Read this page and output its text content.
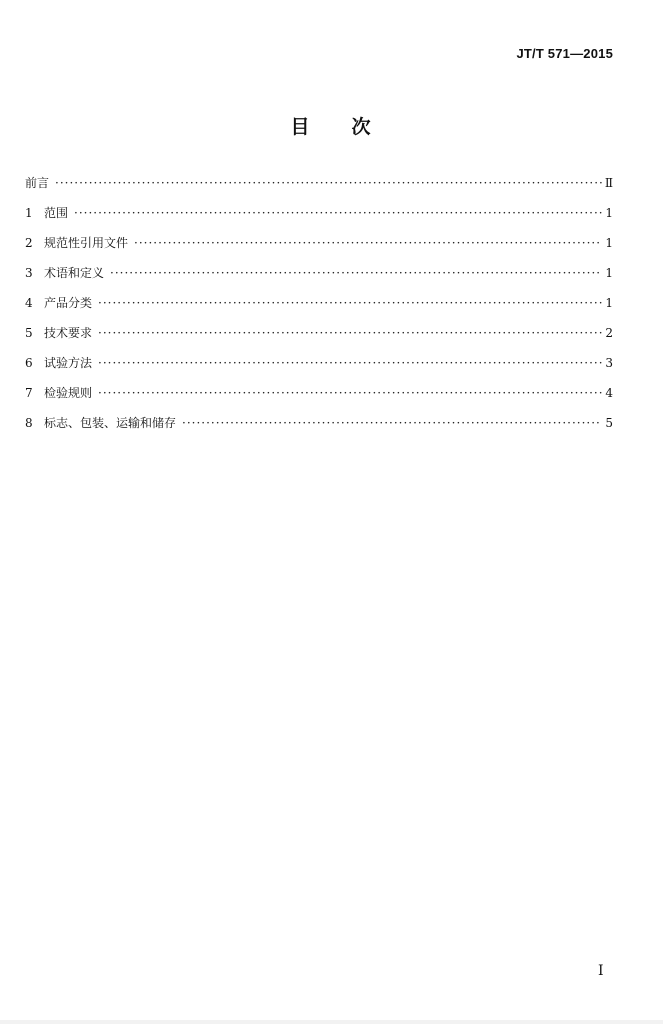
JT/T 571—2015
目 次
前言 ·····	Ⅱ
1 范围 ·····	1
2 规范性引用文件 ·····	1
3 术语和定义 ·····	1
4 产品分类 ·····	1
5 技术要求 ·····	2
6 试验方法 ·····	3
7 检验规则 ·····	4
8 标志、包装、运输和储存 ·····	5
I
